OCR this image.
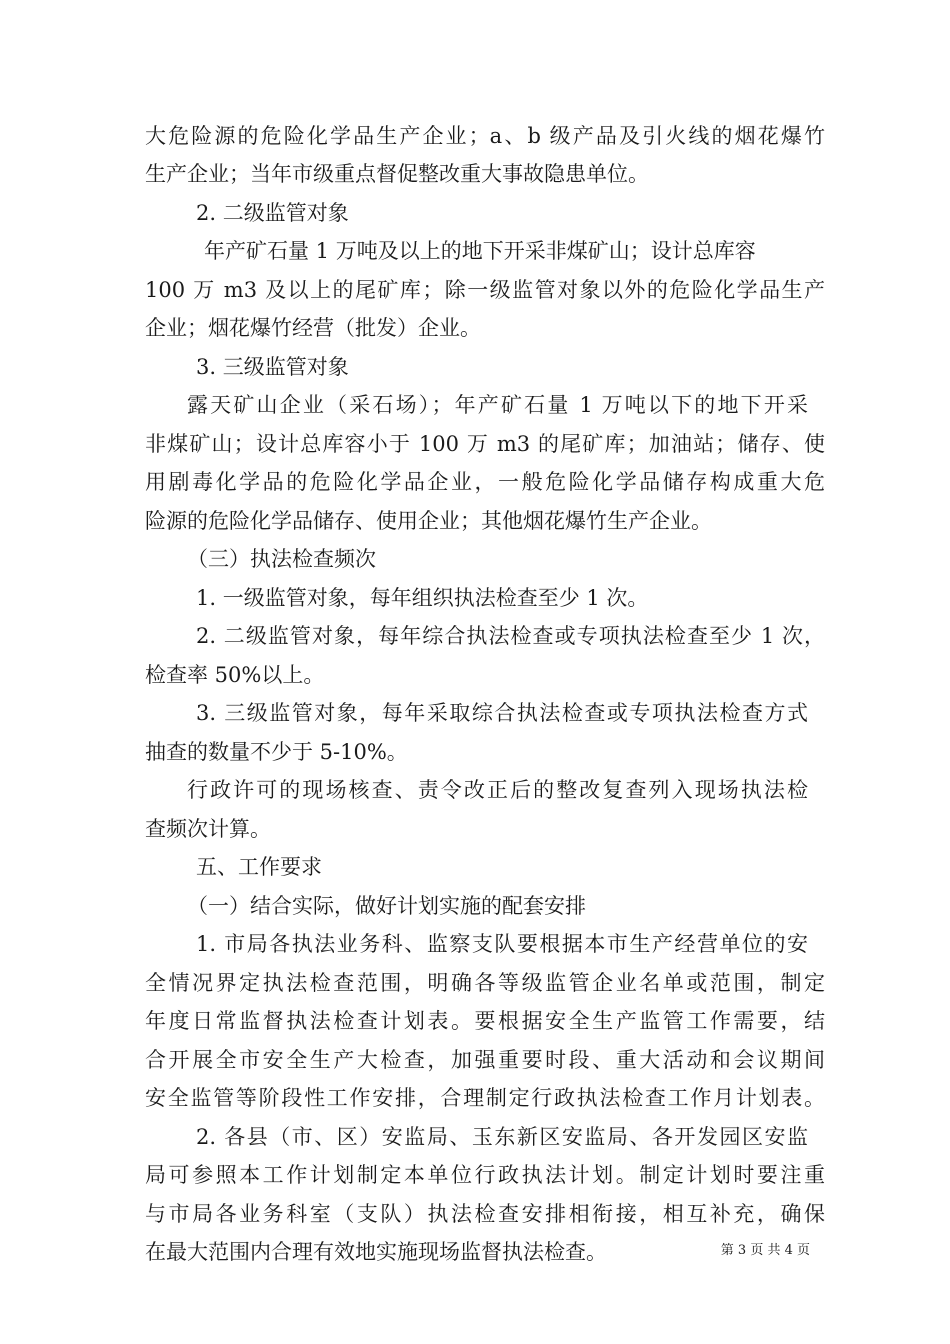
大危险源的危险化学品生产企业；a、b 级产品及引火线的烟花爆竹
生产企业；当年市级重点督促整改重大事故隐患单位。
2. 二级监管对象
年产矿石量 1 万吨及以上的地下开采非煤矿山；设计总库容
100 万 m3 及以上的尾矿库；除一级监管对象以外的危险化学品生产
企业；烟花爆竹经营（批发）企业。
3. 三级监管对象
露天矿山企业（采石场）；年产矿石量 1 万吨以下的地下开采
非煤矿山；设计总库容小于 100 万 m3 的尾矿库；加油站；储存、使
用剧毒化学品的危险化学品企业，一般危险化学品储存构成重大危
险源的危险化学品储存、使用企业；其他烟花爆竹生产企业。
（三）执法检查频次
1. 一级监管对象，每年组织执法检查至少 1 次。
2. 二级监管对象，每年综合执法检查或专项执法检查至少 1 次，
检查率 50%以上。
3. 三级监管对象，每年采取综合执法检查或专项执法检查方式
抽查的数量不少于 5-10%。
行政许可的现场核查、责令改正后的整改复查列入现场执法检
查频次计算。
五、工作要求
（一）结合实际，做好计划实施的配套安排
1. 市局各执法业务科、监察支队要根据本市生产经营单位的安
全情况界定执法检查范围，明确各等级监管企业名单或范围，制定
年度日常监督执法检查计划表。要根据安全生产监管工作需要，结
合开展全市安全生产大检查，加强重要时段、重大活动和会议期间
安全监管等阶段性工作安排，合理制定行政执法检查工作月计划表。
2. 各县（市、区）安监局、玉东新区安监局、各开发园区安监
局可参照本工作计划制定本单位行政执法计划。制定计划时要注重
与市局各业务科室（支队）执法检查安排相衔接，相互补充，确保
在最大范围内合理有效地实施现场监督执法检查。	第 3 页 共 4 页
